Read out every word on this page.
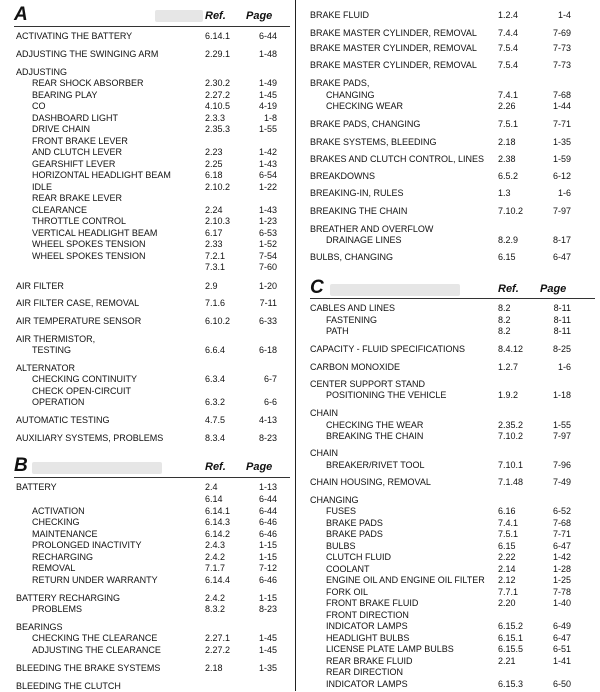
A	Ref. Page
ACTIVATING THE BATTERY	6.14.1	6-44
ADJUSTING THE SWINGING ARM	2.29.1	1-48
ADJUSTING
REAR SHOCK ABSORBER	2.30.2	1-49
BEARING PLAY	2.27.2	1-45
CO	4.10.5	4-19
DASHBOARD LIGHT	2.3.3	1-8
DRIVE CHAIN	2.35.3	1-55
FRONT BRAKE LEVER
AND CLUTCH LEVER	2.23	1-42
GEARSHIFT LEVER	2.25	1-43
HORIZONTAL HEADLIGHT BEAM	6.18	6-54
IDLE	2.10.2	1-22
REAR BRAKE LEVER
CLEARANCE	2.24	1-43
THROTTLE CONTROL	2.10.3	1-23
VERTICAL HEADLIGHT BEAM	6.17	6-53
WHEEL SPOKES TENSION	2.33	1-52
WHEEL SPOKES TENSION	7.2.1	7-54
7.3.1	7-60
AIR FILTER	2.9	1-20
AIR FILTER CASE, REMOVAL	7.1.6	7-11
AIR TEMPERATURE SENSOR	6.10.2	6-33
AIR THERMISTOR,
TESTING	6.6.4	6-18
ALTERNATOR
CHECKING CONTINUITY	6.3.4	6-7
CHECK OPEN-CIRCUIT
OPERATION	6.3.2	6-6
AUTOMATIC TESTING	4.7.5	4-13
AUXILIARY SYSTEMS, PROBLEMS	8.3.4	8-23
B	Ref. Page
BATTERY	2.4	1-13
6.14	6-44
ACTIVATION	6.14.1	6-44
CHECKING	6.14.3	6-46
MAINTENANCE	6.14.2	6-46
PROLONGED INACTIVITY	2.4.3	1-15
RECHARGING	2.4.2	1-15
REMOVAL	7.1.7	7-12
RETURN UNDER WARRANTY	6.14.4	6-46
BATTERY RECHARGING	2.4.2	1-15
PROBLEMS	8.3.2	8-23
BEARINGS
CHECKING THE CLEARANCE	2.27.1	1-45
ADJUSTING THE CLEARANCE	2.27.2	1-45
BLEEDING THE BRAKE SYSTEMS	2.18	1-35
BLEEDING THE CLUTCH
BRAKE FLUID	1.2.4	1-4
BRAKE MASTER CYLINDER, REMOVAL 7.4.4	7-69
BRAKE MASTER CYLINDER, REMOVAL 7.5.4	7-73
BRAKE MASTER CYLINDER, REMOVAL 7.5.4	7-73
BRAKE PADS,
CHANGING	7.4.1	7-68
CHECKING WEAR	2.26	1-44
BRAKE PADS, CHANGING	7.5.1	7-71
BRAKE SYSTEMS, BLEEDING	2.18	1-35
BRAKES AND CLUTCH CONTROL, LINES 2.38	1-59
BREAKDOWNS	6.5.2	6-12
BREAKING-IN, RULES	1.3	1-6
BREAKING THE CHAIN	7.10.2	7-97
BREATHER AND OVERFLOW
DRAINAGE LINES	8.2.9	8-17
BULBS, CHANGING	6.15	6-47
C	Ref. Page
CABLES AND LINES	8.2	8-11
FASTENING	8.2	8-11
PATH	8.2	8-11
CAPACITY - FLUID SPECIFICATIONS	8.4.12	8-25
CARBON MONOXIDE	1.2.7	1-6
CENTER SUPPORT STAND
POSITIONING THE VEHICLE	1.9.2	1-18
CHAIN
CHECKING THE WEAR	2.35.2	1-55
BREAKING THE CHAIN	7.10.2	7-97
CHAIN
BREAKER/RIVET TOOL	7.10.1	7-96
CHAIN HOUSING, REMOVAL	7.1.48	7-49
CHANGING
FUSES	6.16	6-52
BRAKE PADS	7.4.1	7-68
BRAKE PADS	7.5.1	7-71
BULBS	6.15	6-47
CLUTCH FLUID	2.22	1-42
COOLANT	2.14	1-28
ENGINE OIL AND ENGINE OIL FILTER 2.12	1-25
FORK OIL	7.7.1	7-78
FRONT BRAKE FLUID	2.20	1-40
FRONT DIRECTION
INDICATOR LAMPS	6.15.2	6-49
HEADLIGHT BULBS	6.15.1	6-47
LICENSE PLATE LAMP BULBS	6.15.5	6-51
REAR BRAKE FLUID	2.21	1-41
REAR DIRECTION
INDICATOR LAMPS	6.15.3	6-50
